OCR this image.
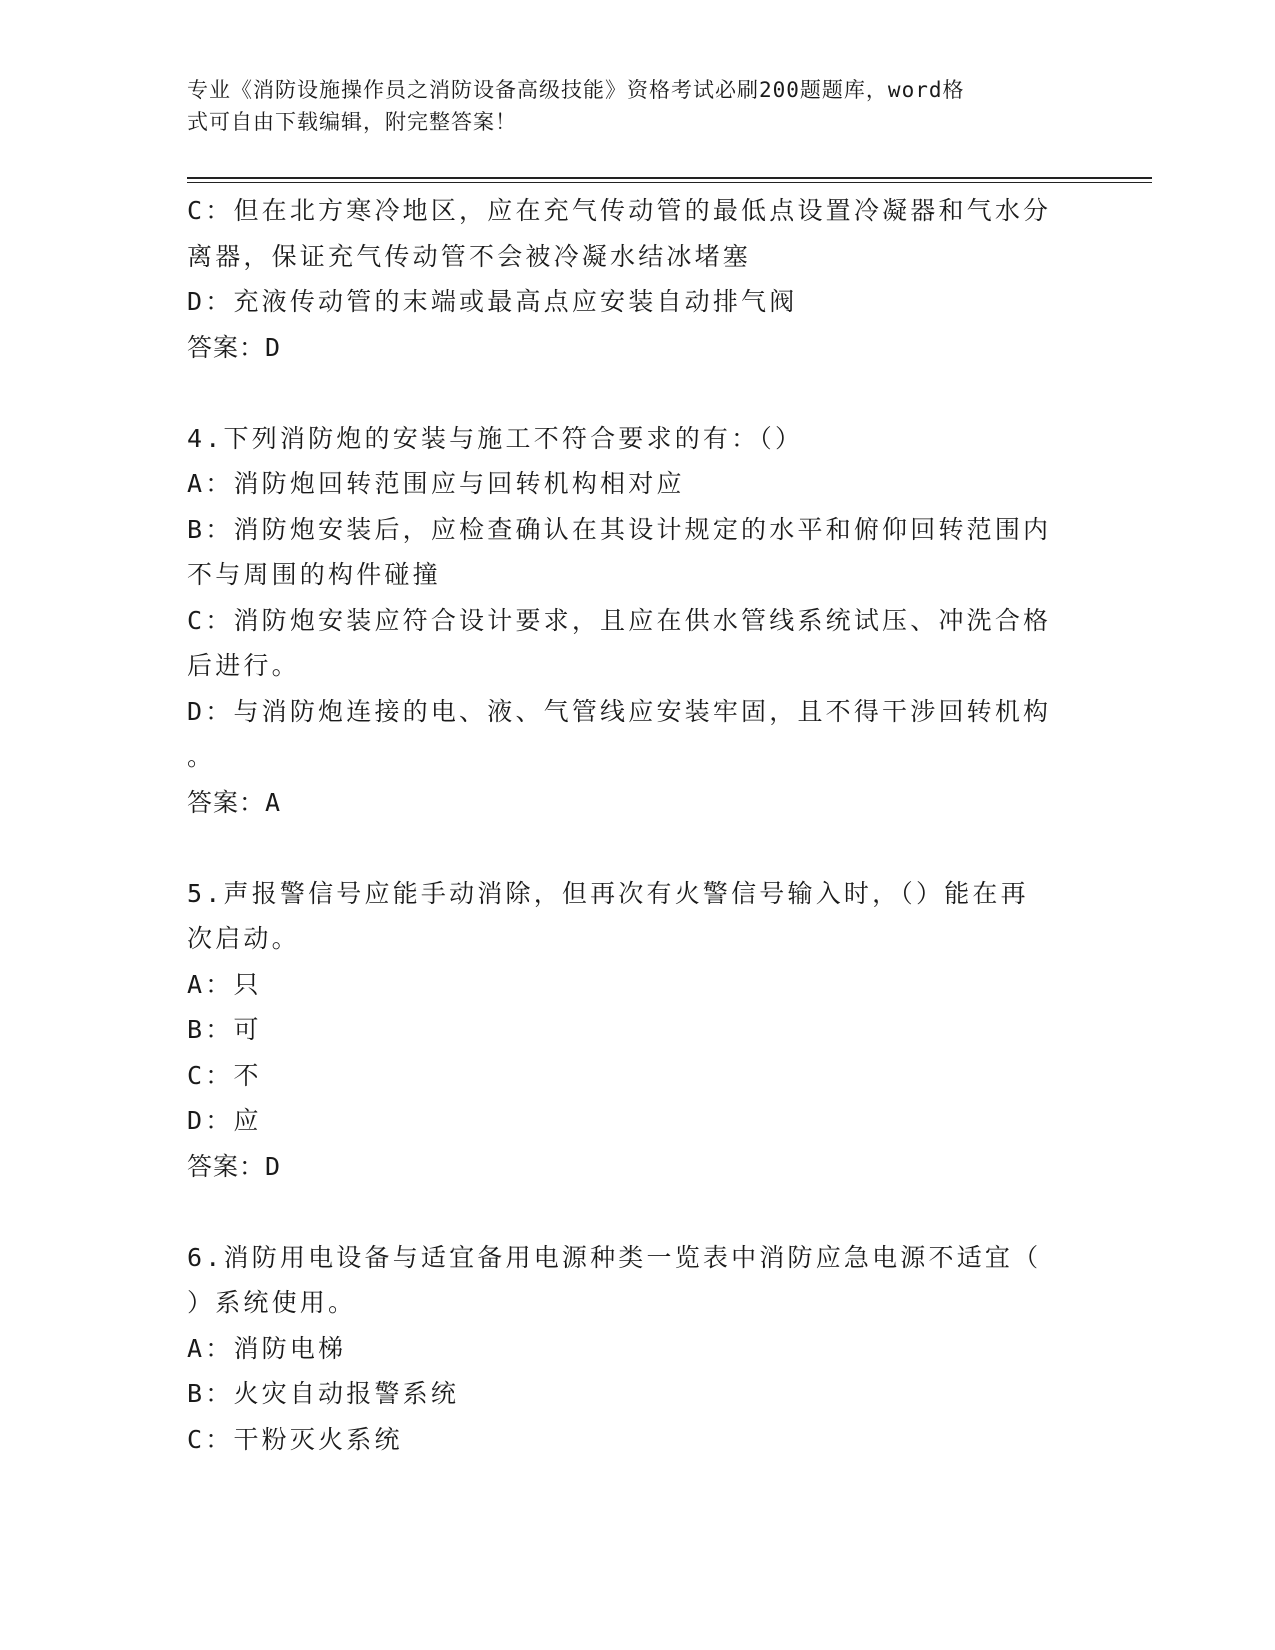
专业《消防设施操作员之消防设备高级技能》资格考试必刷200题题库，word格
式可自由下载编辑，附完整答案！
C：但在北方寒冷地区，应在充气传动管的最低点设置冷凝器和气水分
离器，保证充气传动管不会被冷凝水结冰堵塞
D：充液传动管的末端或最高点应安装自动排气阀
答案：D
4.下列消防炮的安装与施工不符合要求的有：（）
A：消防炮回转范围应与回转机构相对应
B：消防炮安装后，应检查确认在其设计规定的水平和俯仰回转范围内
不与周围的构件碰撞
C：消防炮安装应符合设计要求，且应在供水管线系统试压、冲洗合格
后进行。
D：与消防炮连接的电、液、气管线应安装牢固，且不得干涉回转机构
。
答案：A
5.声报警信号应能手动消除，但再次有火警信号输入时，（）能在再
次启动。
A：只
B：可
C：不
D：应
答案：D
6.消防用电设备与适宜备用电源种类一览表中消防应急电源不适宜（
）系统使用。
A：消防电梯
B：火灾自动报警系统
C：干粉灭火系统
